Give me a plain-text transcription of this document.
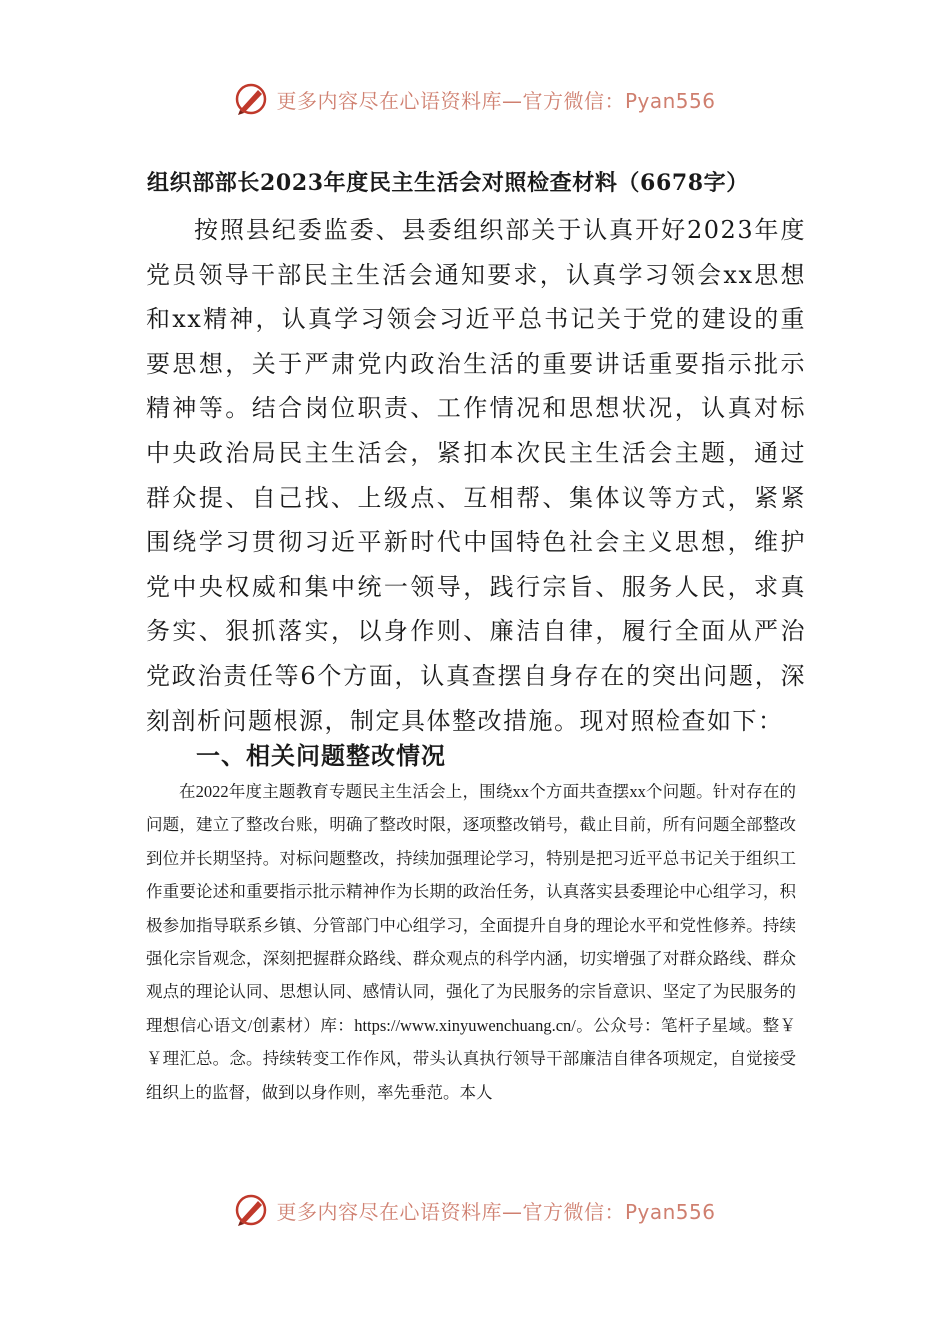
更多内容尽在心语资料库—官方微信：Pyan556
组织部部长2023年度民主生活会对照检查材料（6678字）

按照县纪委监委、县委组织部关于认真开好2023年度党员领导干部民主生活会通知要求，认真学习领会xx思想和xx精神，认真学习领会习近平总书记关于党的建设的重要思想，关于严肃党内政治生活的重要讲话重要指示批示精神等。结合岗位职责、工作情况和思想状况，认真对标中央政治局民主生活会，紧扣本次民主生活会主题，通过群众提、自己找、上级点、互相帮、集体议等方式，紧紧围绕学习贯彻习近平新时代中国特色社会主义思想，维护党中央权威和集中统一领导，践行宗旨、服务人民，求真务实、狠抓落实，以身作则、廉洁自律，履行全面从严治党政治责任等6个方面，认真查摆自身存在的突出问题，深刻剖析问题根源，制定具体整改措施。现对照检查如下：

一、相关问题整改情况

在2022年度主题教育专题民主生活会上，围绕xx个方面共查摆xx个问题。针对存在的问题，建立了整改台账，明确了整改时限，逐项整改销号，截止目前，所有问题全部整改到位并长期坚持。对标问题整改，持续加强理论学习，特别是把习近平总书记关于组织工作重要论述和重要指示批示精神作为长期的政治任务，认真落实县委理论中心组学习，积极参加指导联系乡镇、分管部门中心组学习，全面提升自身的理论水平和党性修养。持续强化宗旨观念，深刻把握群众路线、群众观点的科学内涵，切实增强了对群众路线、群众观点的理论认同、思想认同、感情认同，强化了为民服务的宗旨意识、坚定了为民服务的理想信心语文/创素材）库：https://www.xinyuwenchuang.cn/。公众号：笔杆子星域。整￥￥理汇总。念。持续转变工作作风，带头认真执行领导干部廉洁自律各项规定，自觉接受组织上的监督，做到以身作则，率先垂范。本人

更多内容尽在心语资料库—官方微信：Pyan556
